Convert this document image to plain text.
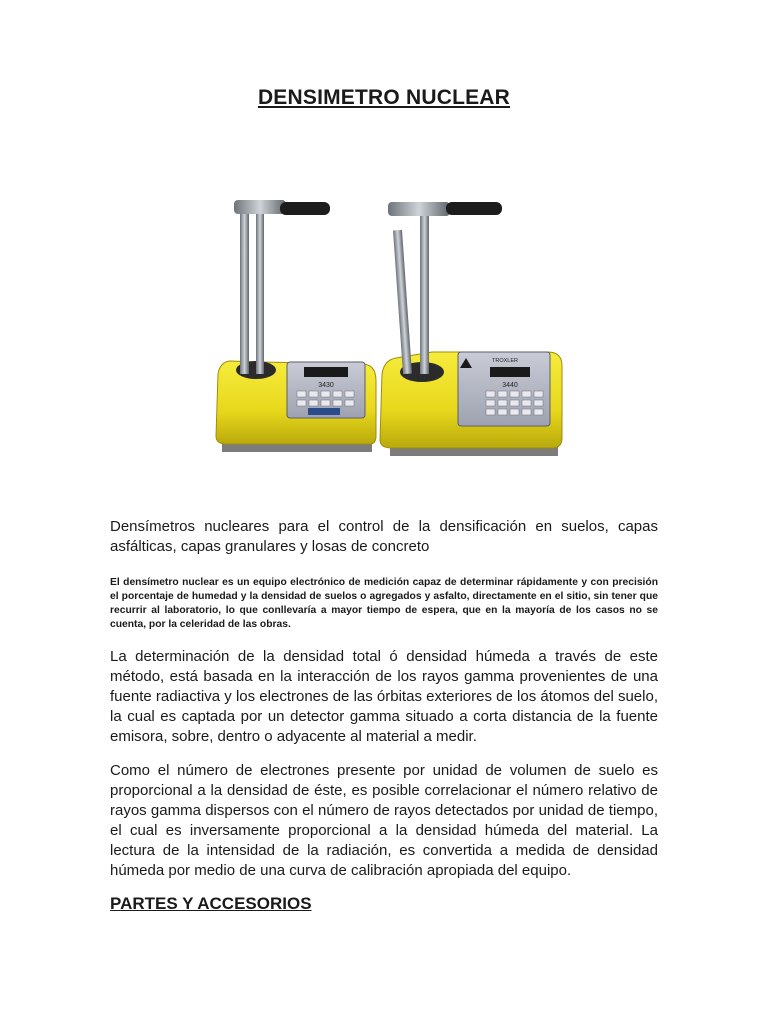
DENSIMETRO NUCLEAR
3430
TROXLER
3440

Densímetros nucleares para el control de la densificación en suelos, capas asfálticas, capas granulares y losas de concreto

El densímetro nuclear es un equipo electrónico de medición capaz de determinar rápidamente y con precisión el porcentaje de humedad y la densidad de suelos o agregados y asfalto, directamente en el sitio, sin tener que recurrir al laboratorio, lo que conllevaría a mayor tiempo de espera, que en la mayoría de los casos no se cuenta, por la celeridad de las obras.

La determinación de la densidad total ó densidad húmeda a través de este método, está basada en la interacción de los rayos gamma provenientes de una fuente radiactiva y los electrones de las órbitas exteriores de los átomos del suelo, la cual es captada por un detector gamma situado a corta distancia de la fuente emisora, sobre, dentro o adyacente al material a medir.

Como el número de electrones presente por unidad de volumen de suelo es proporcional a la densidad de éste, es posible correlacionar el número relativo de rayos gamma dispersos con el número de rayos detectados por unidad de tiempo, el cual es inversamente proporcional a la densidad húmeda del material. La lectura de la intensidad de la radiación, es convertida a medida de densidad húmeda por medio de una curva de calibración apropiada del equipo.

PARTES Y ACCESORIOS
